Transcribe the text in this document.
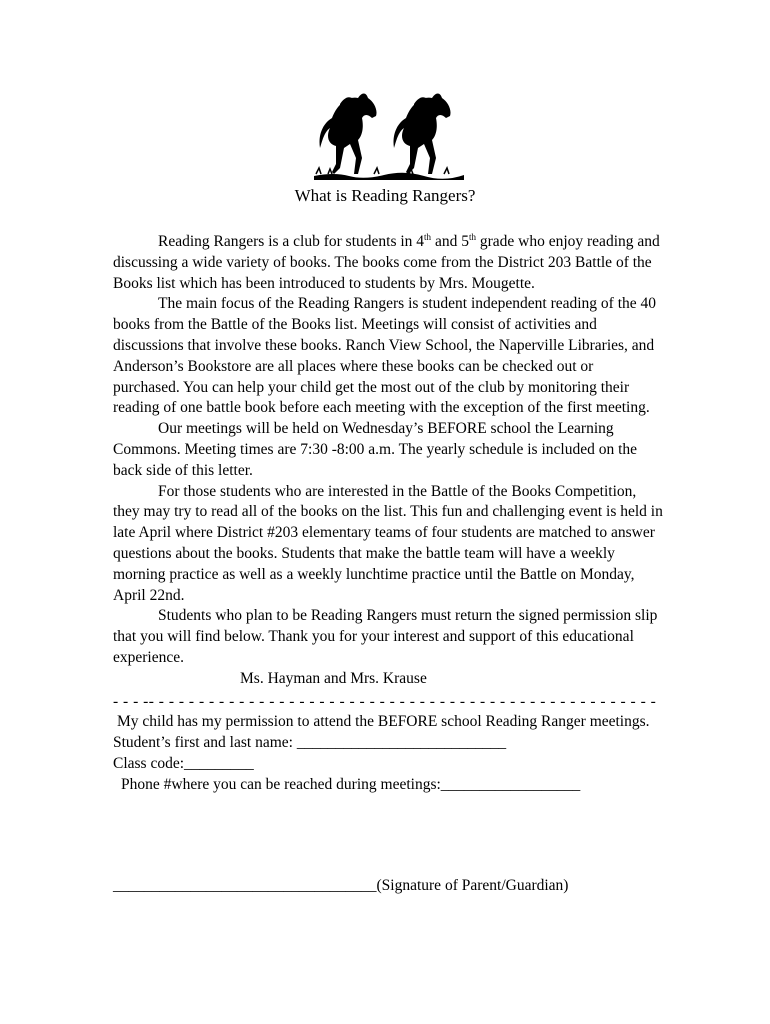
What is Reading Rangers?

Reading Rangers is a club for students in 4th and 5th grade who enjoy reading and discussing a wide variety of books. The books come from the District 203 Battle of the Books list which has been introduced to students by Mrs. Mougette.

The main focus of the Reading Rangers is student independent reading of the 40 books from the Battle of the Books list. Meetings will consist of activities and discussions that involve these books. Ranch View School, the Naperville Libraries, and Anderson’s Bookstore are all places where these books can be checked out or purchased. You can help your child get the most out of the club by monitoring their reading of one battle book before each meeting with the exception of the first meeting.

Our meetings will be held on Wednesday’s BEFORE school the Learning Commons. Meeting times are 7:30 -8:00 a.m. The yearly schedule is included on the back side of this letter.

For those students who are interested in the Battle of the Books Competition, they may try to read all of the books on the list. This fun and challenging event is held in late April where District #203 elementary teams of four students are matched to answer questions about the books. Students that make the battle team will have a weekly morning practice as well as a weekly lunchtime practice until the Battle on Monday, April 22nd.

Students who plan to be Reading Rangers must return the signed permission slip that you will find below. Thank you for your interest and support of this educational experience.

Ms. Hayman and Mrs. Krause

- - - -- - - - - - - - - - - - - - - - - - - - - - - - - - - - - - - - - - - - - - - - - - - - - - - - - - -

My child has my permission to attend the BEFORE school Reading Ranger meetings. Student’s first and last name: ___________________________

Class code:_________

Phone #where you can be reached during meetings:__________________

__________________________________(Signature of Parent/Guardian)
